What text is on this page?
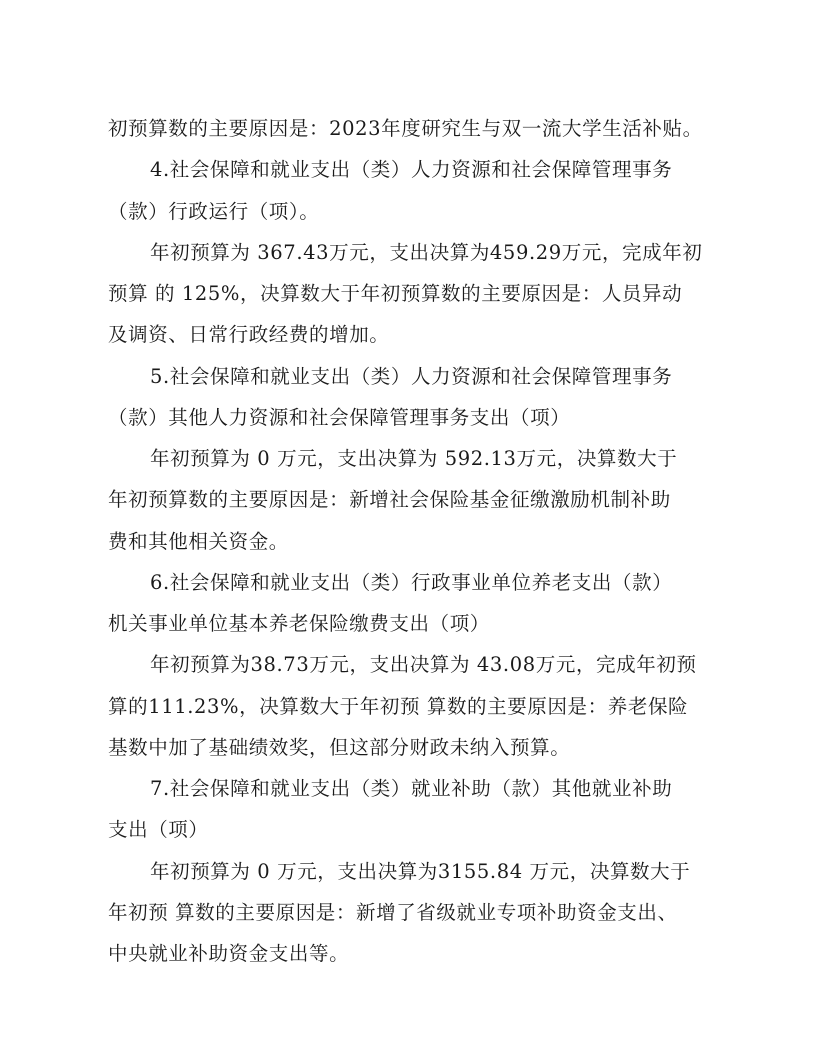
初预算数的主要原因是：2023年度研究生与双一流大学生活补贴。
4.社会保障和就业支出（类）人力资源和社会保障管理事务
（款）行政运行（项）。
年初预算为 367.43万元，支出决算为459.29万元，完成年初
预算 的 125%，决算数大于年初预算数的主要原因是：人员异动
及调资、日常行政经费的增加。
5.社会保障和就业支出（类）人力资源和社会保障管理事务
（款）其他人力资源和社会保障管理事务支出（项）
年初预算为 0 万元，支出决算为 592.13万元，决算数大于
年初预算数的主要原因是：新增社会保险基金征缴激励机制补助
费和其他相关资金。
6.社会保障和就业支出（类）行政事业单位养老支出（款）
机关事业单位基本养老保险缴费支出（项）
年初预算为38.73万元，支出决算为 43.08万元，完成年初预
算的111.23%，决算数大于年初预 算数的主要原因是：养老保险
基数中加了基础绩效奖，但这部分财政未纳入预算。
7.社会保障和就业支出（类）就业补助（款）其他就业补助
支出（项）
年初预算为 0 万元，支出决算为3155.84 万元，决算数大于
年初预 算数的主要原因是：新增了省级就业专项补助资金支出、
中央就业补助资金支出等。
